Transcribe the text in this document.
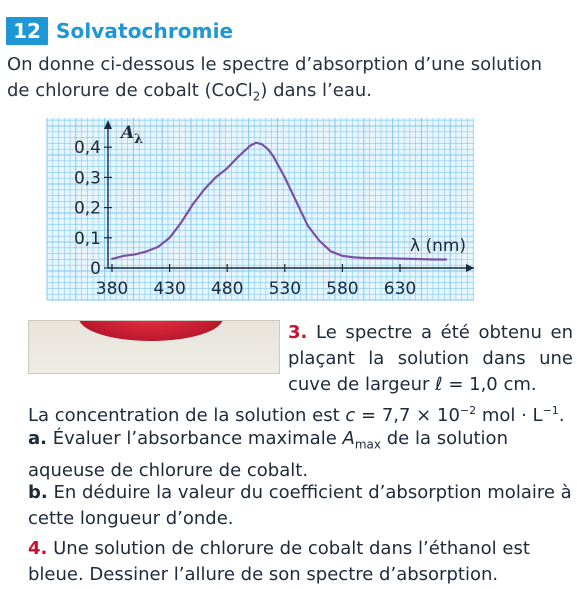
12 Solvatochromie
On donne ci-dessous le spectre d’absorption d’une solution
de chlorure de cobalt (CoCl$_2$) dans l’eau.
380 430 480 530 580 630
0
0,1
0,2
0,3
0,4
A λ
λ (nm)
3. Le spectre a été obtenu en plaçant la solution dans une cuve de largeur ℓ = 1,0 cm.
La concentration de la solution est $c = 7,7 \times 10^{-2}$ mol · $L^{-1}$.
a. Évaluer l’absorbance maximale $A_{max}$ de la solution aqueuse de chlorure de cobalt.
b. En déduire la valeur du coefficient d’absorption molaire à cette longueur d’onde.
4. Une solution de chlorure de cobalt dans l’éthanol est bleue. Dessiner l’allure de son spectre d’absorption.
